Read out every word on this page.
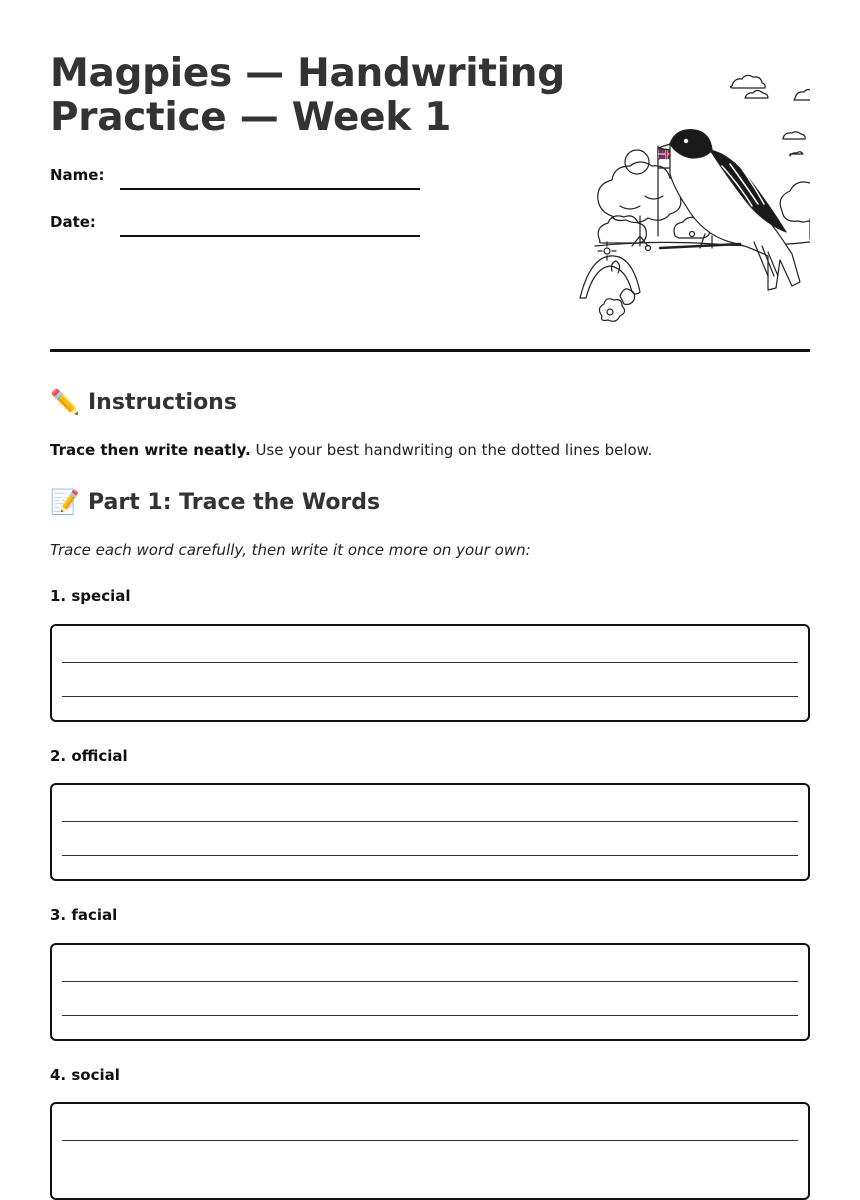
Magpies — Handwriting
Practice — Week 1
Name:
Date:
✏️ Instructions

Trace then write neatly. Use your best handwriting on the dotted lines below.

📝 Part 1: Trace the Words

Trace each word carefully, then write it once more on your own:

1. special
2. official
3. facial
4. social
